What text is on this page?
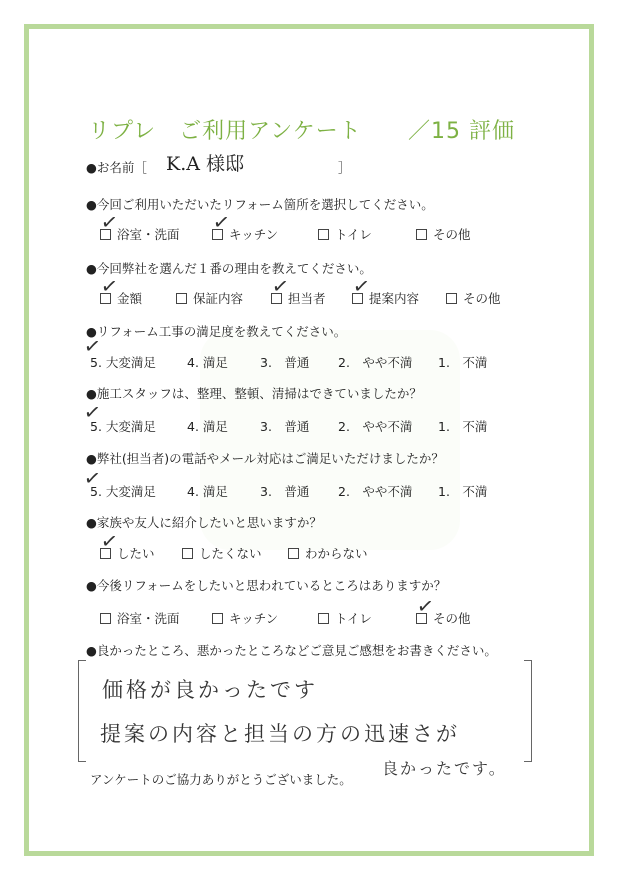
リプレ　ご利用アンケート ／15 評価
●お名前［ K.A 様邸	］
●今回ご利用いただいたリフォーム箇所を選択してください。
浴室・洗面	キッチン	トイレ	その他
✓	✓
●今回弊社を選んだ１番の理由を教えてください。
金額	保証内容	担当者	提案内容	その他
✓	✓	✓
●リフォーム工事の満足度を教えてください。
5. 大変満足 4. 満足	3.　普通 2.　やや不満 1.　不満
✓
●施工スタッフは、整理、整頓、清掃はできていましたか？
5. 大変満足 4. 満足	3.　普通 2.　やや不満 1.　不満
✓
●弊社(担当者)の電話やメール対応はご満足いただけましたか？
5. 大変満足 4. 満足	3.　普通 2.　やや不満 1.　不満
✓
●家族や友人に紹介したいと思いますか？
したい	したくない	わからない
✓
●今後リフォームをしたいと思われているところはありますか？
浴室・洗面	キッチン	トイレ	その他
✓
●良かったところ、悪かったところなどご意見ご感想をお書きください。
価格が良かったです
提案の内容と担当の方の迅速さが
良かったです。
アンケートのご協力ありがとうございました。
